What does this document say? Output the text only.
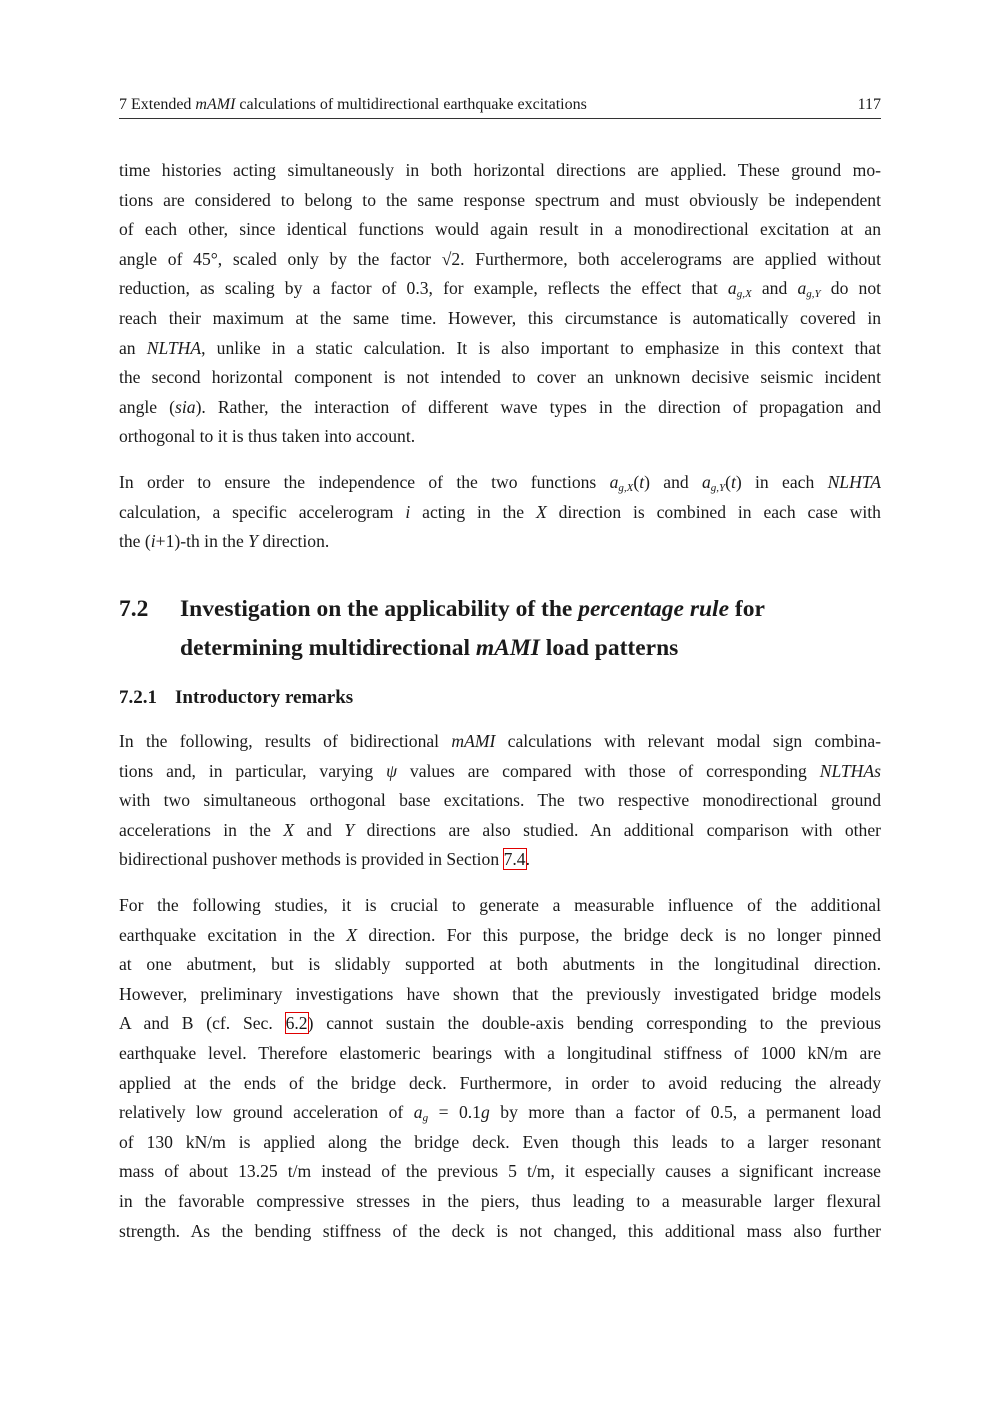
7 Extended mAMI calculations of multidirectional earthquake excitations	117
time histories acting simultaneously in both horizontal directions are applied. These ground mo-
tions are considered to belong to the same response spectrum and must obviously be independent
of each other, since identical functions would again result in a monodirectional excitation at an
angle of 45°, scaled only by the factor √2. Furthermore, both accelerograms are applied without
reduction, as scaling by a factor of 0.3, for example, reflects the effect that $a_{g,X}$ and $a_{g,Y}$ do not
reach their maximum at the same time. However, this circumstance is automatically covered in
an NLTHA, unlike in a static calculation. It is also important to emphasize in this context that
the second horizontal component is not intended to cover an unknown decisive seismic incident
angle (sia). Rather, the interaction of different wave types in the direction of propagation and
orthogonal to it is thus taken into account.
In order to ensure the independence of the two functions $a_{g,X}(t)$ and $a_{g,Y}(t)$ in each NLHTA
calculation, a specific accelerogram i acting in the X direction is combined in each case with
the (i+1)-th in the Y direction.
7.2 Investigation on the applicability of the percentage rule for determining multidirectional mAMI load patterns
7.2.1 Introductory remarks
In the following, results of bidirectional mAMI calculations with relevant modal sign combina-
tions and, in particular, varying ψ values are compared with those of corresponding NLTHAs
with two simultaneous orthogonal base excitations. The two respective monodirectional ground
accelerations in the X and Y directions are also studied. An additional comparison with other
bidirectional pushover methods is provided in Section 7.4.
For the following studies, it is crucial to generate a measurable influence of the additional
earthquake excitation in the X direction. For this purpose, the bridge deck is no longer pinned
at one abutment, but is slidably supported at both abutments in the longitudinal direction.
However, preliminary investigations have shown that the previously investigated bridge models
A and B (cf. Sec. 6.2) cannot sustain the double-axis bending corresponding to the previous
earthquake level. Therefore elastomeric bearings with a longitudinal stiffness of 1000 kN/m are
applied at the ends of the bridge deck. Furthermore, in order to avoid reducing the already
relatively low ground acceleration of $a_g = 0.1g$ by more than a factor of 0.5, a permanent load
of 130 kN/m is applied along the bridge deck. Even though this leads to a larger resonant
mass of about 13.25 t/m instead of the previous 5 t/m, it especially causes a significant increase
in the favorable compressive stresses in the piers, thus leading to a measurable larger flexural
strength. As the bending stiffness of the deck is not changed, this additional mass also further
